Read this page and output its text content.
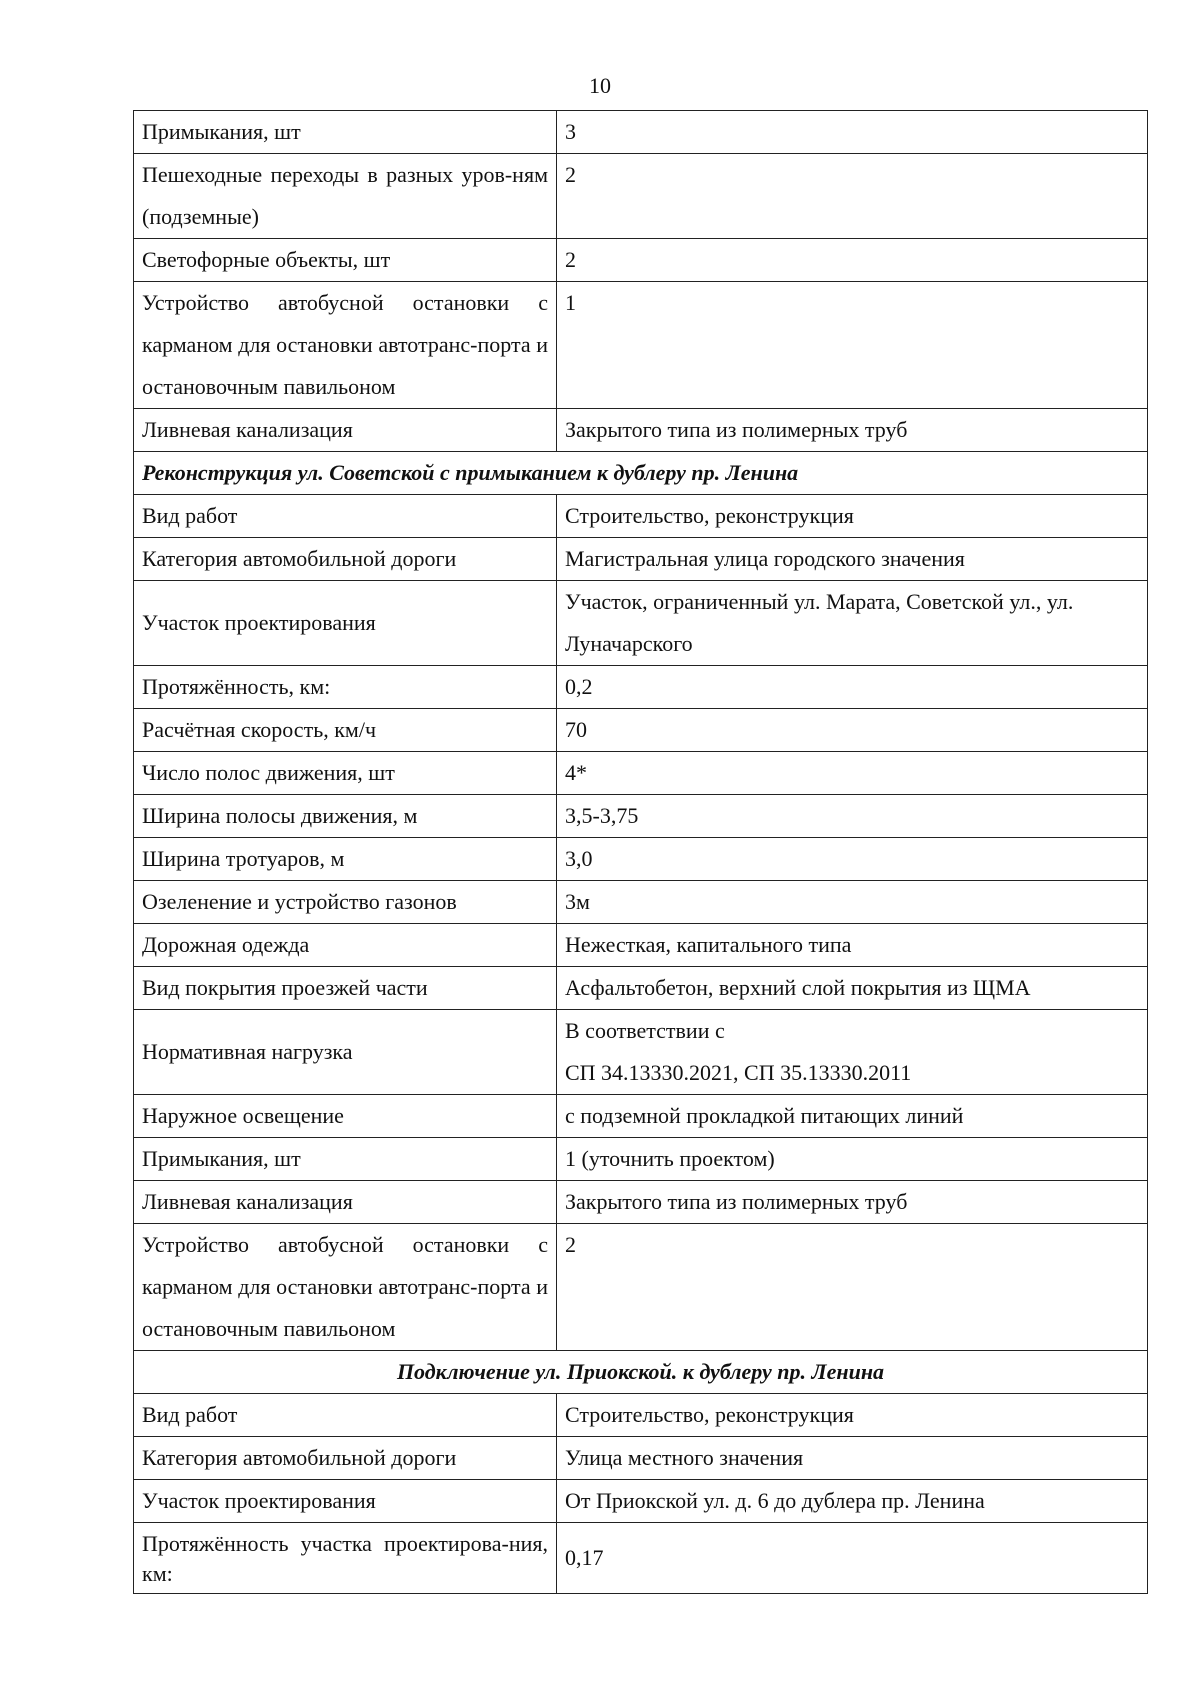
10
Примыкания, шт	3
Пешеходные переходы в разных уров-ням (подземные)	2
Светофорные объекты, шт	2
Устройство автобусной остановки с карманом для остановки автотранс-порта и остановочным павильоном	1
Ливневая канализация	Закрытого типа из полимерных труб
Реконструкция ул. Советской с примыканием к дублеру пр. Ленина	
Вид работ	Строительство, реконструкция
Категория автомобильной дороги	Магистральная улица городского значения
Участок проектирования	Участок, ограниченный ул. Марата, Советской ул., ул. Луначарского
Протяжённость, км:	0,2
Расчётная скорость, км/ч	70
Число полос движения, шт	4*
Ширина полосы движения, м	3,5-3,75
Ширина тротуаров, м	3,0
Озеленение и устройство газонов	3м
Дорожная одежда	Нежесткая, капитального типа
Вид покрытия проезжей части	Асфальтобетон, верхний слой покрытия из ЩМА
Нормативная нагрузка	В соответствии с
СП 34.13330.2021, СП 35.13330.2011

Наружное освещение	с подземной прокладкой питающих линий
Примыкания, шт	1 (уточнить проектом)
Ливневая канализация	Закрытого типа из полимерных труб
Устройство автобусной остановки с карманом для остановки автотранс-порта и остановочным павильоном	2
Подключение ул. Приокской. к дублеру пр. Ленина	
Вид работ	Строительство, реконструкция
Категория автомобильной дороги	Улица местного значения
Участок проектирования	От Приокской ул. д. 6 до дублера пр. Ленина
Протяжённость участка проектирова-ния, км:	0,17
